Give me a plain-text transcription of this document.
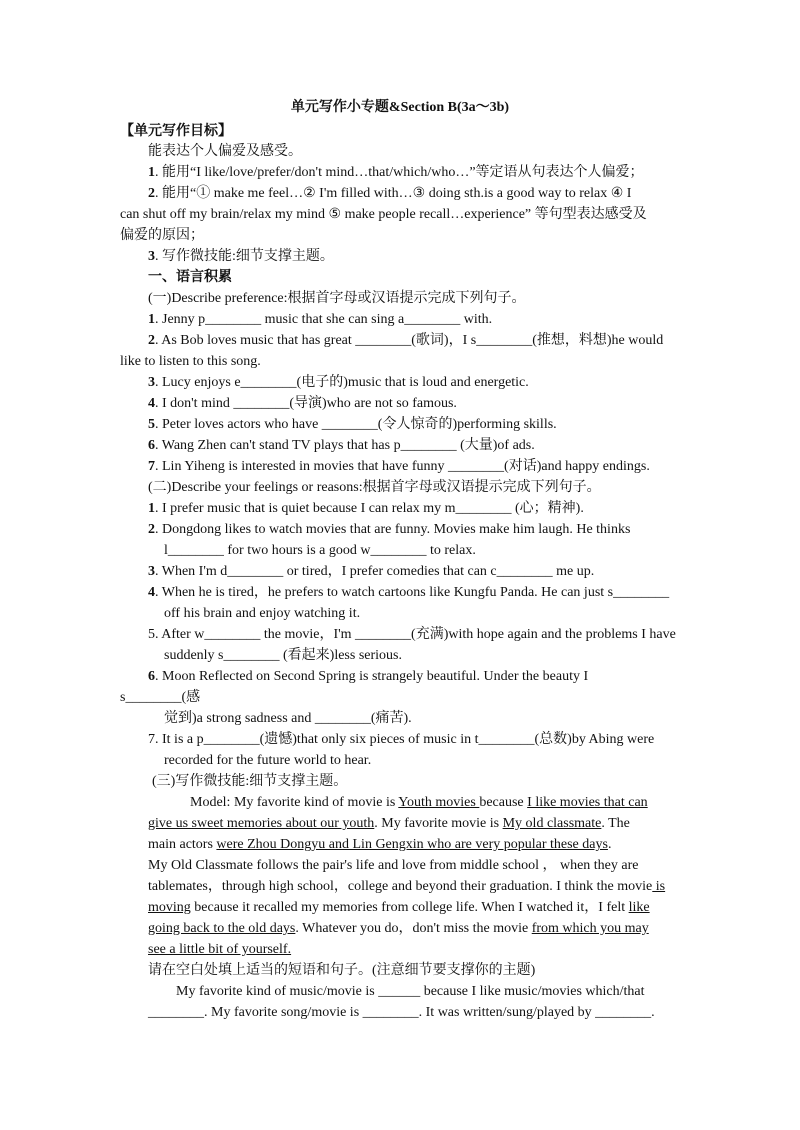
单元写作小专题&Section B(3a～3b)
【单元写作目标】
能表达个人偏爱及感受。
1. 能用“I like/love/prefer/don't mind…that/which/who…”等定语从句表达个人偏爱；
2. 能用“① make me feel…② I'm filled with…③ doing sth.is a good way to relax ④ I
can shut off my brain/relax my mind ⑤ make people recall…experience” 等句型表达感受及
偏爱的原因；
3. 写作微技能:细节支撑主题。
一、语言积累
(一)Describe preference:根据首字母或汉语提示完成下列句子。
1. Jenny p________ music that she can sing a________ with.
2. As Bob loves music that has great ________(歌词)，I s________(推想，料想)he would
like to listen to this song.
3. Lucy enjoys e________(电子的)music that is loud and energetic.
4. I don't mind ________(导演)who are not so famous.
5. Peter loves actors who have ________(令人惊奇的)performing skills.
6. Wang Zhen can't stand TV plays that has p________ (大量)of ads.
7. Lin Yiheng is interested in movies that have funny ________(对话)and happy endings.
(二)Describe your feelings or reasons:根据首字母或汉语提示完成下列句子。
1. I prefer music that is quiet because I can relax my m________ (心；精神).
2. Dongdong likes to watch movies that are funny. Movies make him laugh. He thinks
l________ for two hours is a good w________ to relax.
3. When I'm d________ or tired，I prefer comedies that can c________ me up.
4. When he is tired，he prefers to watch cartoons like Kungfu Panda. He can just s________
off his brain and enjoy watching it.
5. After w________ the movie，I'm ________(充满)with hope again and the problems I have
suddenly s________ (看起来)less serious.
6. Moon Reflected on Second Spring is strangely beautiful. Under the beauty I
s________(感
觉到)a strong sadness and ________(痛苦).
7. It is a p________(遗憾)that only six pieces of music in t________(总数)by Abing were
recorded for the future world to hear.
(三)写作微技能:细节支撑主题。
Model: My favorite kind of movie is Youth movies because I like movies that can
give us sweet memories about our youth. My favorite movie is My old classmate. The
main actors were Zhou Dongyu and Lin Gengxin who are very popular these days.
My Old Classmate follows the pair's life and love from middle school ， when they are
tablemates，through high school，college and beyond their graduation. I think the movie is
moving because it recalled my memories from college life. When I watched it，I felt like
going back to the old days. Whatever you do，don't miss the movie from which you may
see a little bit of yourself.
请在空白处填上适当的短语和句子。(注意细节要支撑你的主题)
My favorite kind of music/movie is ______ because I like music/movies which/that
________. My favorite song/movie is ________. It was written/sung/played by ________.
